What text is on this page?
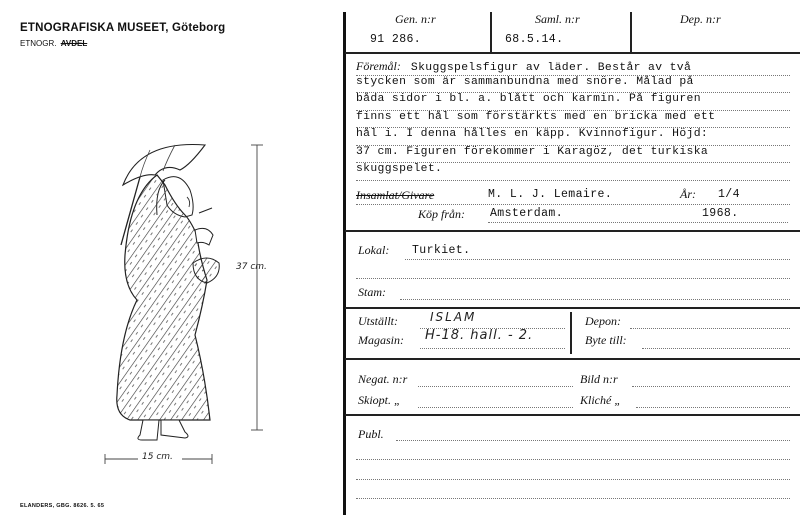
ETNOGRAFISKA MUSEET, Göteborg
ETNOGR. AVDEL
37 cm.
15 cm.
ELANDERS, GBG. 8626. 5. 65
Gen. n:r
91 286.
Saml. n:r
68.5.14.
Dep. n:r
Föremål: Skuggspelsfigur av läder. Består av två
stycken som är sammanbundna med snöre. Målad på
båda sidor i bl. a. blått och karmin. På figuren
finns ett hål som förstärkts med en bricka med ett
hål i. I denna hålles en käpp. Kvinnofigur. Höjd:
37 cm. Figuren förekommer i Karagöz, det turkiska
skuggspelet.
Insamlat/Givare	M. L. J. Lemaire.	År: 1/4
Köp från: Amsterdam.	1968.
Lokal: Turkiet.
Stam:
Utställt:	ISLAM
Magasin: H-18. hall. - 2.
Depon:
Byte till:
Negat. n:r	Bild n:r
Skiopt. „	Kliché „
Publ.
